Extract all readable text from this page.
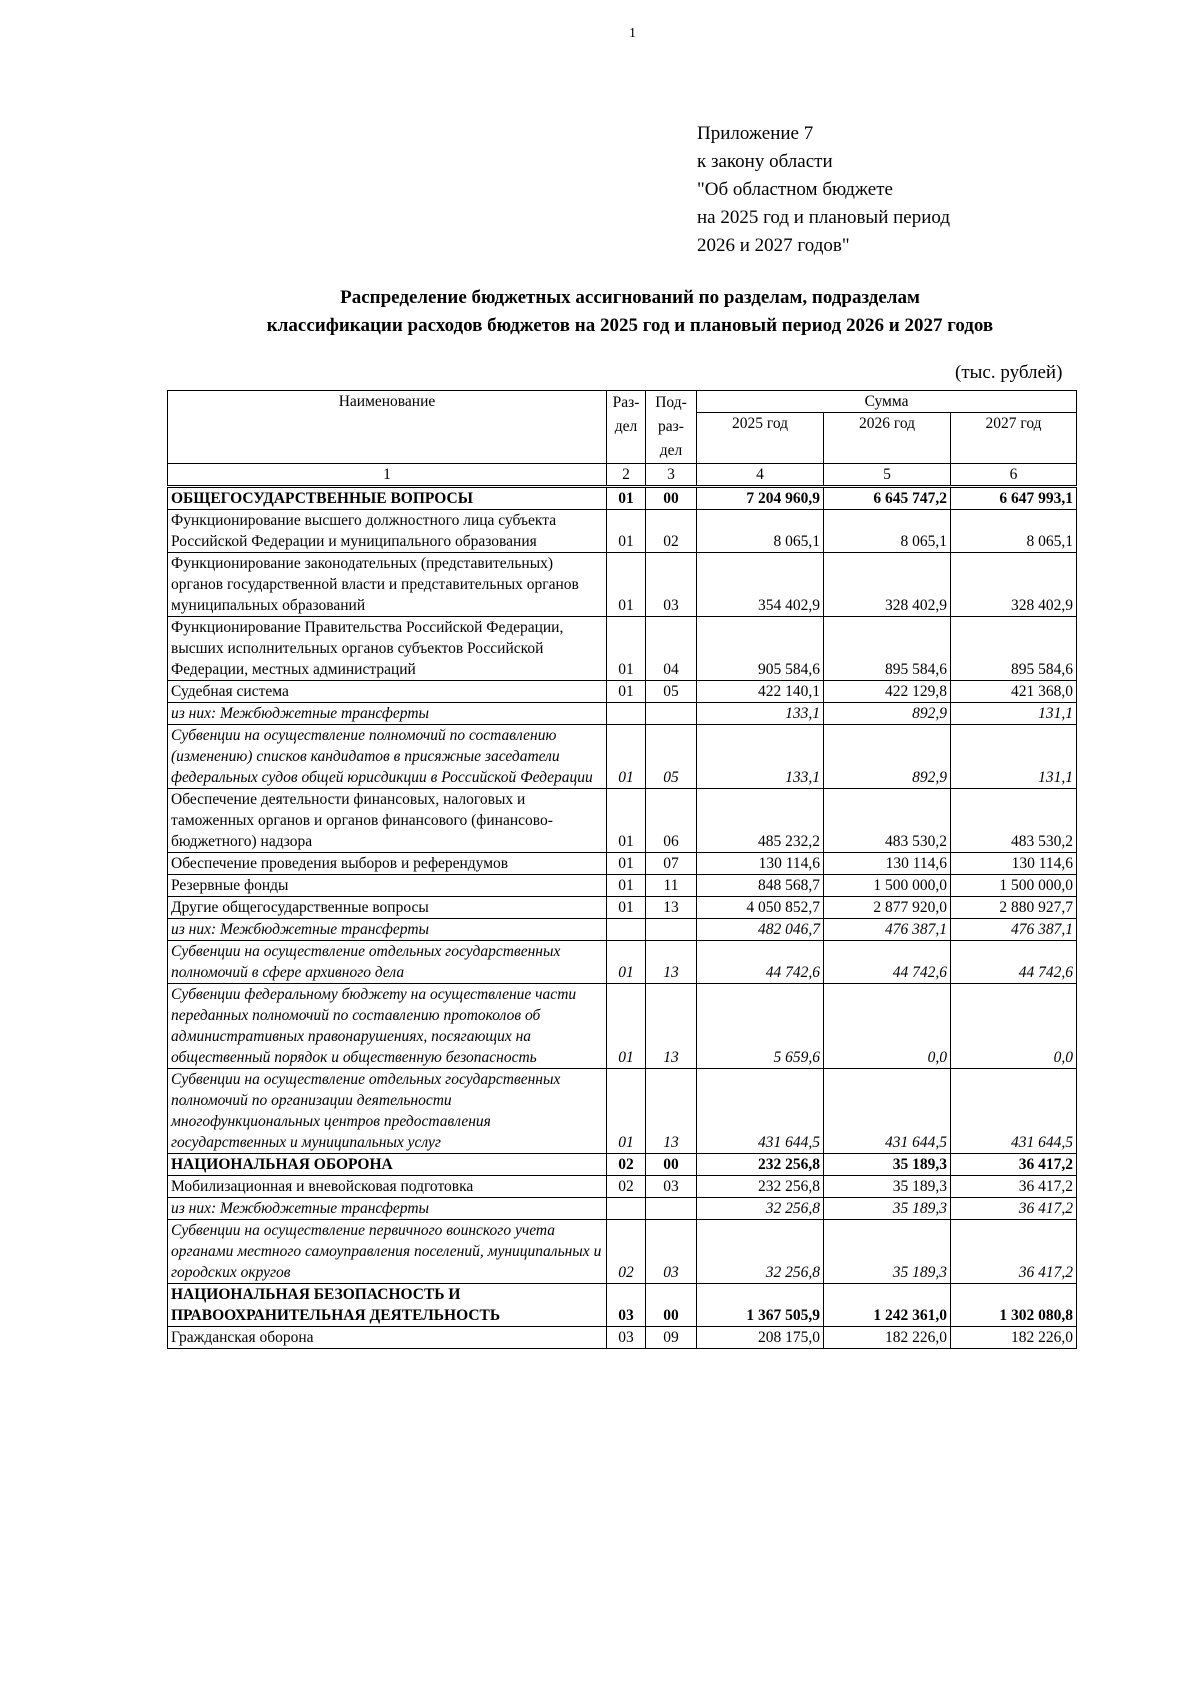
1
Приложение 7
к закону области
"Об областном бюджете
на 2025 год и плановый период
2026 и 2027 годов"
Распределение бюджетных ассигнований по разделам, подразделам
классификации расходов бюджетов на 2025 год и плановый период 2026 и 2027 годов
(тыс. рублей)
Наименование	Раз- дел	Под- раз- дел	Сумма		
			2025 год	2026 год	2027 год
1	2	3	4	5	6
ОБЩЕГОСУДАРСТВЕННЫЕ ВОПРОСЫ	01	00	7 204 960,9	6 645 747,2	6 647 993,1
Функционирование высшего должностного лица субъекта Российской Федерации и муниципального образования	01	02	8 065,1	8 065,1	8 065,1
Функционирование законодательных (представительных) органов государственной власти и представительных органов муниципальных образований	01	03	354 402,9	328 402,9	328 402,9
Функционирование Правительства Российской Федерации, высших исполнительных органов субъектов Российской Федерации, местных администраций	01	04	905 584,6	895 584,6	895 584,6
Судебная система	01	05	422 140,1	422 129,8	421 368,0
из них: Межбюджетные трансферты			133,1	892,9	131,1
Субвенции на осуществление полномочий по составлению (изменению) списков кандидатов в присяжные заседатели федеральных судов общей юрисдикции в Российской Федерации	01	05	133,1	892,9	131,1
Обеспечение деятельности финансовых, налоговых и таможенных органов и органов финансового (финансово-бюджетного) надзора	01	06	485 232,2	483 530,2	483 530,2
Обеспечение проведения выборов и референдумов	01	07	130 114,6	130 114,6	130 114,6
Резервные фонды	01	11	848 568,7	1 500 000,0	1 500 000,0
Другие общегосударственные вопросы	01	13	4 050 852,7	2 877 920,0	2 880 927,7
из них: Межбюджетные трансферты			482 046,7	476 387,1	476 387,1
Субвенции на осуществление отдельных государственных полномочий в сфере архивного дела	01	13	44 742,6	44 742,6	44 742,6
Субвенции федеральному бюджету на осуществление части переданных полномочий по составлению протоколов об административных правонарушениях, посягающих на общественный порядок и общественную безопасность	01	13	5 659,6	0,0	0,0
Субвенции на осуществление отдельных государственных полномочий по организации деятельности многофункциональных центров предоставления государственных и муниципальных услуг	01	13	431 644,5	431 644,5	431 644,5
НАЦИОНАЛЬНАЯ ОБОРОНА	02	00	232 256,8	35 189,3	36 417,2
Мобилизационная и вневойсковая подготовка	02	03	232 256,8	35 189,3	36 417,2
из них: Межбюджетные трансферты			32 256,8	35 189,3	36 417,2
Субвенции на осуществление первичного воинского учета органами местного самоуправления поселений, муниципальных и городских округов	02	03	32 256,8	35 189,3	36 417,2
НАЦИОНАЛЬНАЯ БЕЗОПАСНОСТЬ И ПРАВООХРАНИТЕЛЬНАЯ ДЕЯТЕЛЬНОСТЬ	03	00	1 367 505,9	1 242 361,0	1 302 080,8
Гражданская оборона	03	09	208 175,0	182 226,0	182 226,0
